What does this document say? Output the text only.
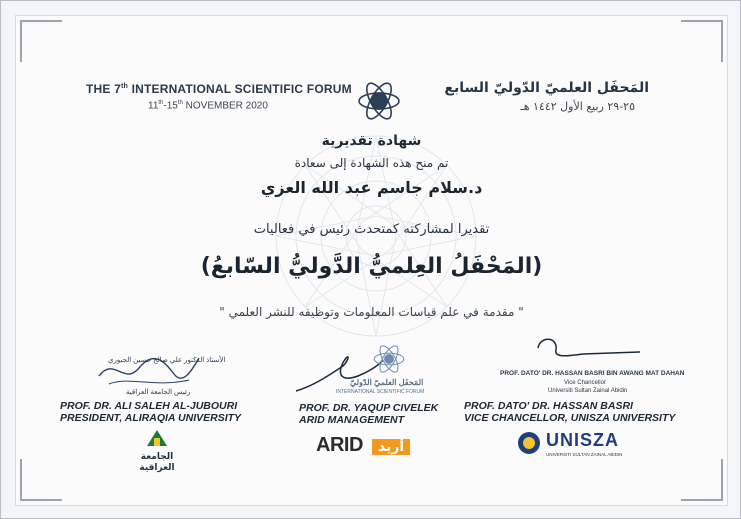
THE 7th INTERNATIONAL SCIENTIFIC FORUM
11th-15th NOVEMBER 2020
المَحفَل العلميّ الدّوليّ السابع
٢٥-٢٩ ربيع الأول ١٤٤٢ هـ
شهادة تقديرية
تم منح هذه الشهادة إلى سعادة
د.سلام جاسم عبد الله العزي
تقديرا لمشاركته كمتحدث رئيس في فعاليات
(المَحْفَلُ العِلميُّ الدَّوليُّ السّابعُ)
" مقدمة في علم قياسات المعلومات وتوظيفه للنشر العلمي "
الأستاذ الدكتور علي صالح حسين الجبوري
رئيس الجامعة العراقية
المَحفَل العلميّ الدّوليّ
INTERNATIONAL SCIENTIFIC FORUM
PROF. DATO' DR. HASSAN BASRI BIN AWANG MAT DAHAN
Vice Chancellor
Universiti Sultan Zainal Abidin
PROF. DR. ALI SALEH AL-JUBOURI
PRESIDENT, ALIRAQIA UNIVERSITY
PROF. DR. YAQUP CIVELEK
ARID MANAGEMENT
PROF. DATO' DR. HASSAN BASRI
VICE CHANCELLOR, UNISZA UNIVERSITY
الجامعة العراقية
ARID أريد	UNISZA
UNIVERSITI SULTAN ZAINAL ABIDIN
